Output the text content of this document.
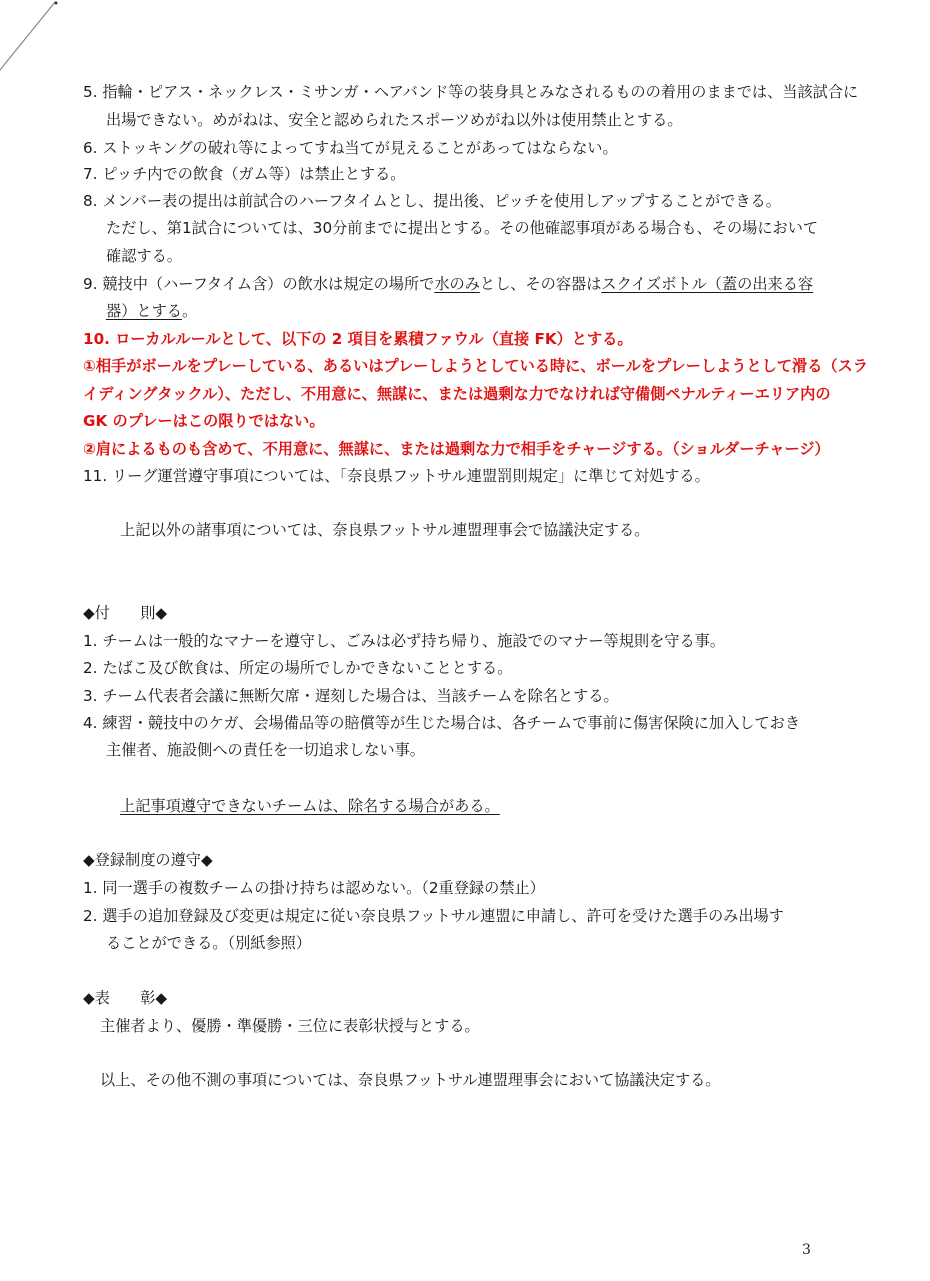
5. 指輪・ピアス・ネックレス・ミサンガ・ヘアバンド等の装身具とみなされるものの着用のままでは、当該試合に
出場できない。めがねは、安全と認められたスポーツめがね以外は使用禁止とする。
6. ストッキングの破れ等によってすね当てが見えることがあってはならない。
7. ピッチ内での飲食（ガム等）は禁止とする。
8. メンバー表の提出は前試合のハーフタイムとし、提出後、ピッチを使用しアップすることができる。
ただし、第1試合については、30分前までに提出とする。その他確認事項がある場合も、その場において
確認する。
9. 競技中（ハーフタイム含）の飲水は規定の場所で水のみとし、その容器はスクイズボトル（蓋の出来る容
器）とする。
10. ローカルルールとして、以下の 2 項目を累積ファウル（直接 FK）とする。
①相手がボールをプレーしている、あるいはプレーしようとしている時に、ボールをプレーしようとして滑る（スラ
イディングタックル）、ただし、不用意に、無謀に、または過剰な力でなければ守備側ペナルティーエリア内の
GK のプレーはこの限りではない。
②肩によるものも含めて、不用意に、無謀に、または過剰な力で相手をチャージする。（ショルダーチャージ）
11. リーグ運営遵守事項については、「奈良県フットサル連盟罰則規定」に準じて対処する。
上記以外の諸事項については、奈良県フットサル連盟理事会で協議決定する。
◆付　　則◆
1. チームは一般的なマナーを遵守し、ごみは必ず持ち帰り、施設でのマナー等規則を守る事。
2. たばこ及び飲食は、所定の場所でしかできないこととする。
3. チーム代表者会議に無断欠席・遅刻した場合は、当該チームを除名とする。
4. 練習・競技中のケガ、会場備品等の賠償等が生じた場合は、各チームで事前に傷害保険に加入しておき
主催者、施設側への責任を一切追求しない事。
上記事項遵守できないチームは、除名する場合がある。
◆登録制度の遵守◆
1. 同一選手の複数チームの掛け持ちは認めない。（2重登録の禁止）
2. 選手の追加登録及び変更は規定に従い奈良県フットサル連盟に申請し、許可を受けた選手のみ出場す
ることができる。（別紙参照）
◆表　　彰◆
主催者より、優勝・準優勝・三位に表彰状授与とする。
以上、その他不測の事項については、奈良県フットサル連盟理事会において協議決定する。
3
